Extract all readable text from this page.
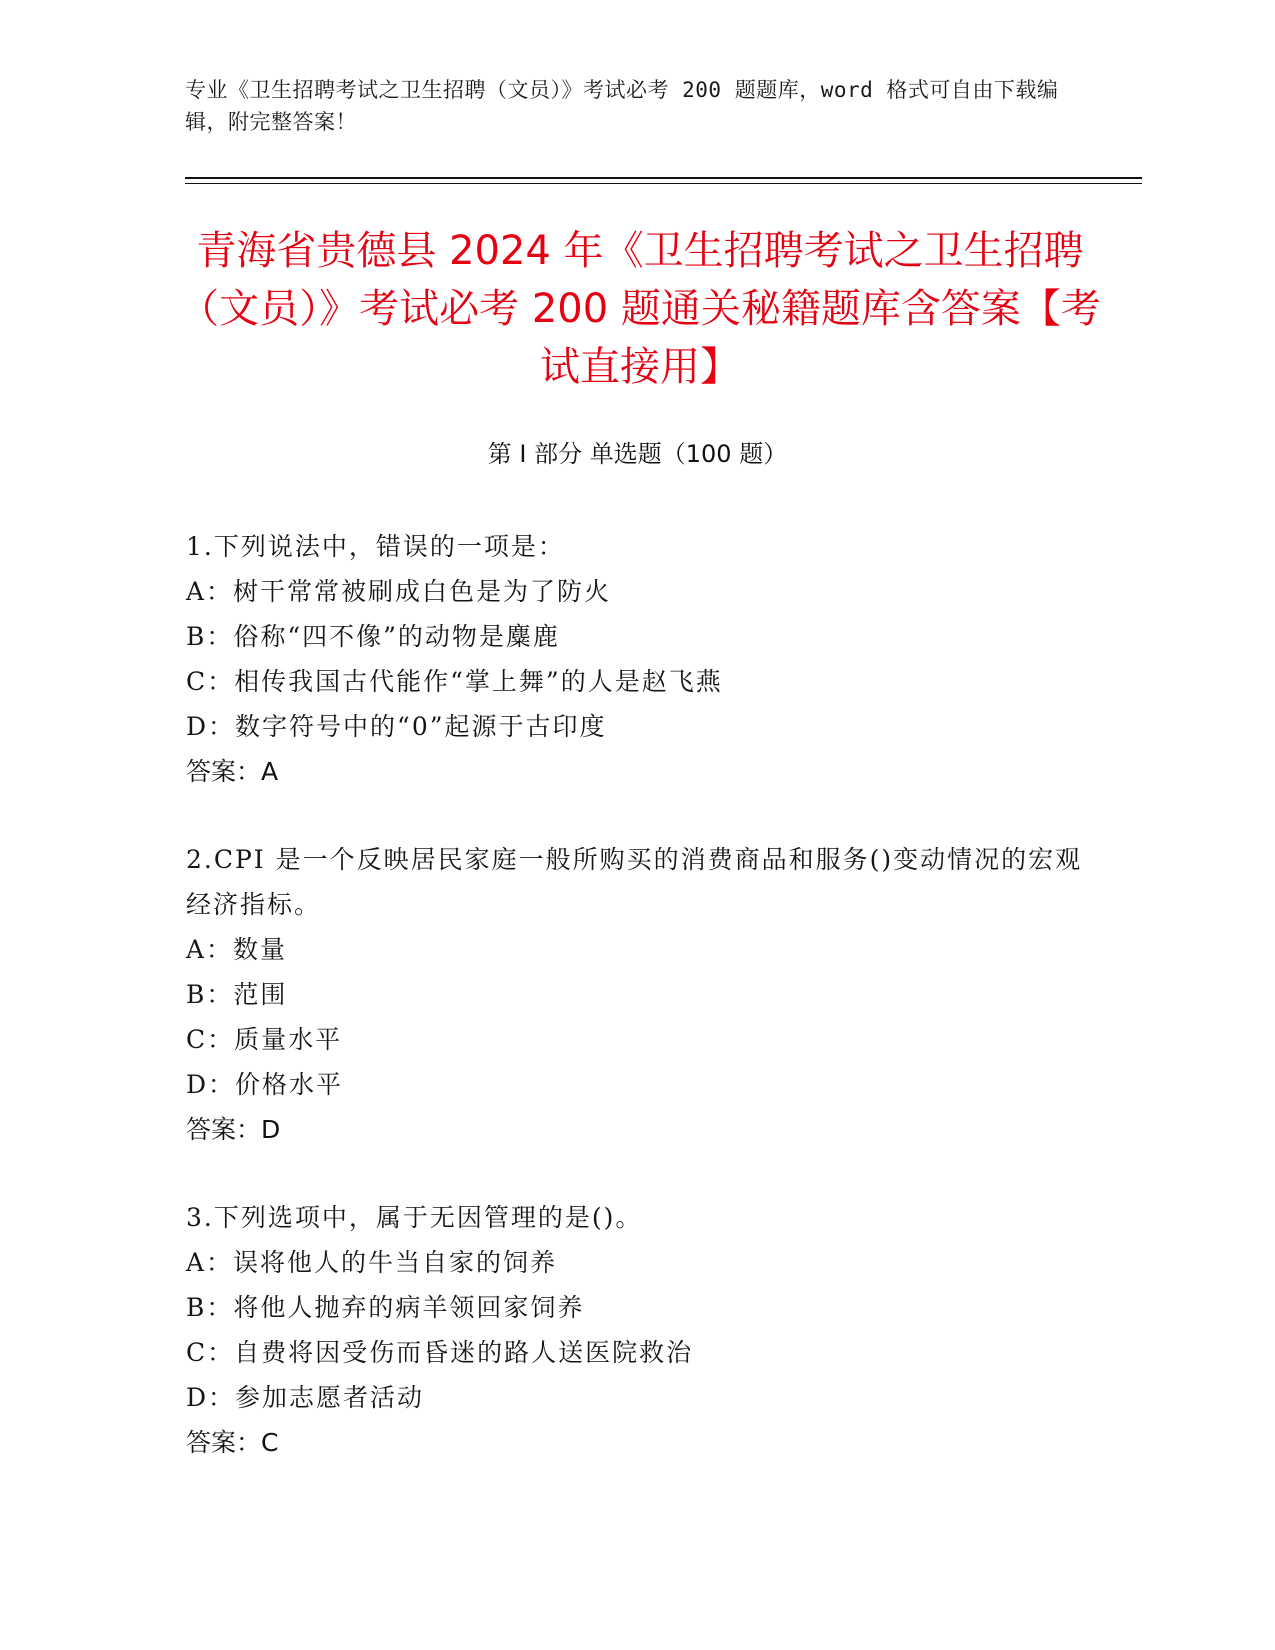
专业《卫生招聘考试之卫生招聘（文员）》考试必考 200 题题库，word 格式可自由下载编辑，附完整答案！
青海省贵德县 2024 年《卫生招聘考试之卫生招聘（文员）》考试必考 200 题通关秘籍题库含答案【考试直接用】
第 I 部分 单选题（100 题）
1.下列说法中，错误的一项是：
A：树干常常被刷成白色是为了防火
B：俗称“四不像”的动物是麋鹿
C：相传我国古代能作“掌上舞”的人是赵飞燕
D：数字符号中的“0”起源于古印度
答案：A
2.CPI 是一个反映居民家庭一般所购买的消费商品和服务()变动情况的宏观经济指标。
A：数量
B：范围
C：质量水平
D：价格水平
答案：D
3.下列选项中，属于无因管理的是()。
A：误将他人的牛当自家的饲养
B：将他人抛弃的病羊领回家饲养
C：自费将因受伤而昏迷的路人送医院救治
D：参加志愿者活动
答案：C
